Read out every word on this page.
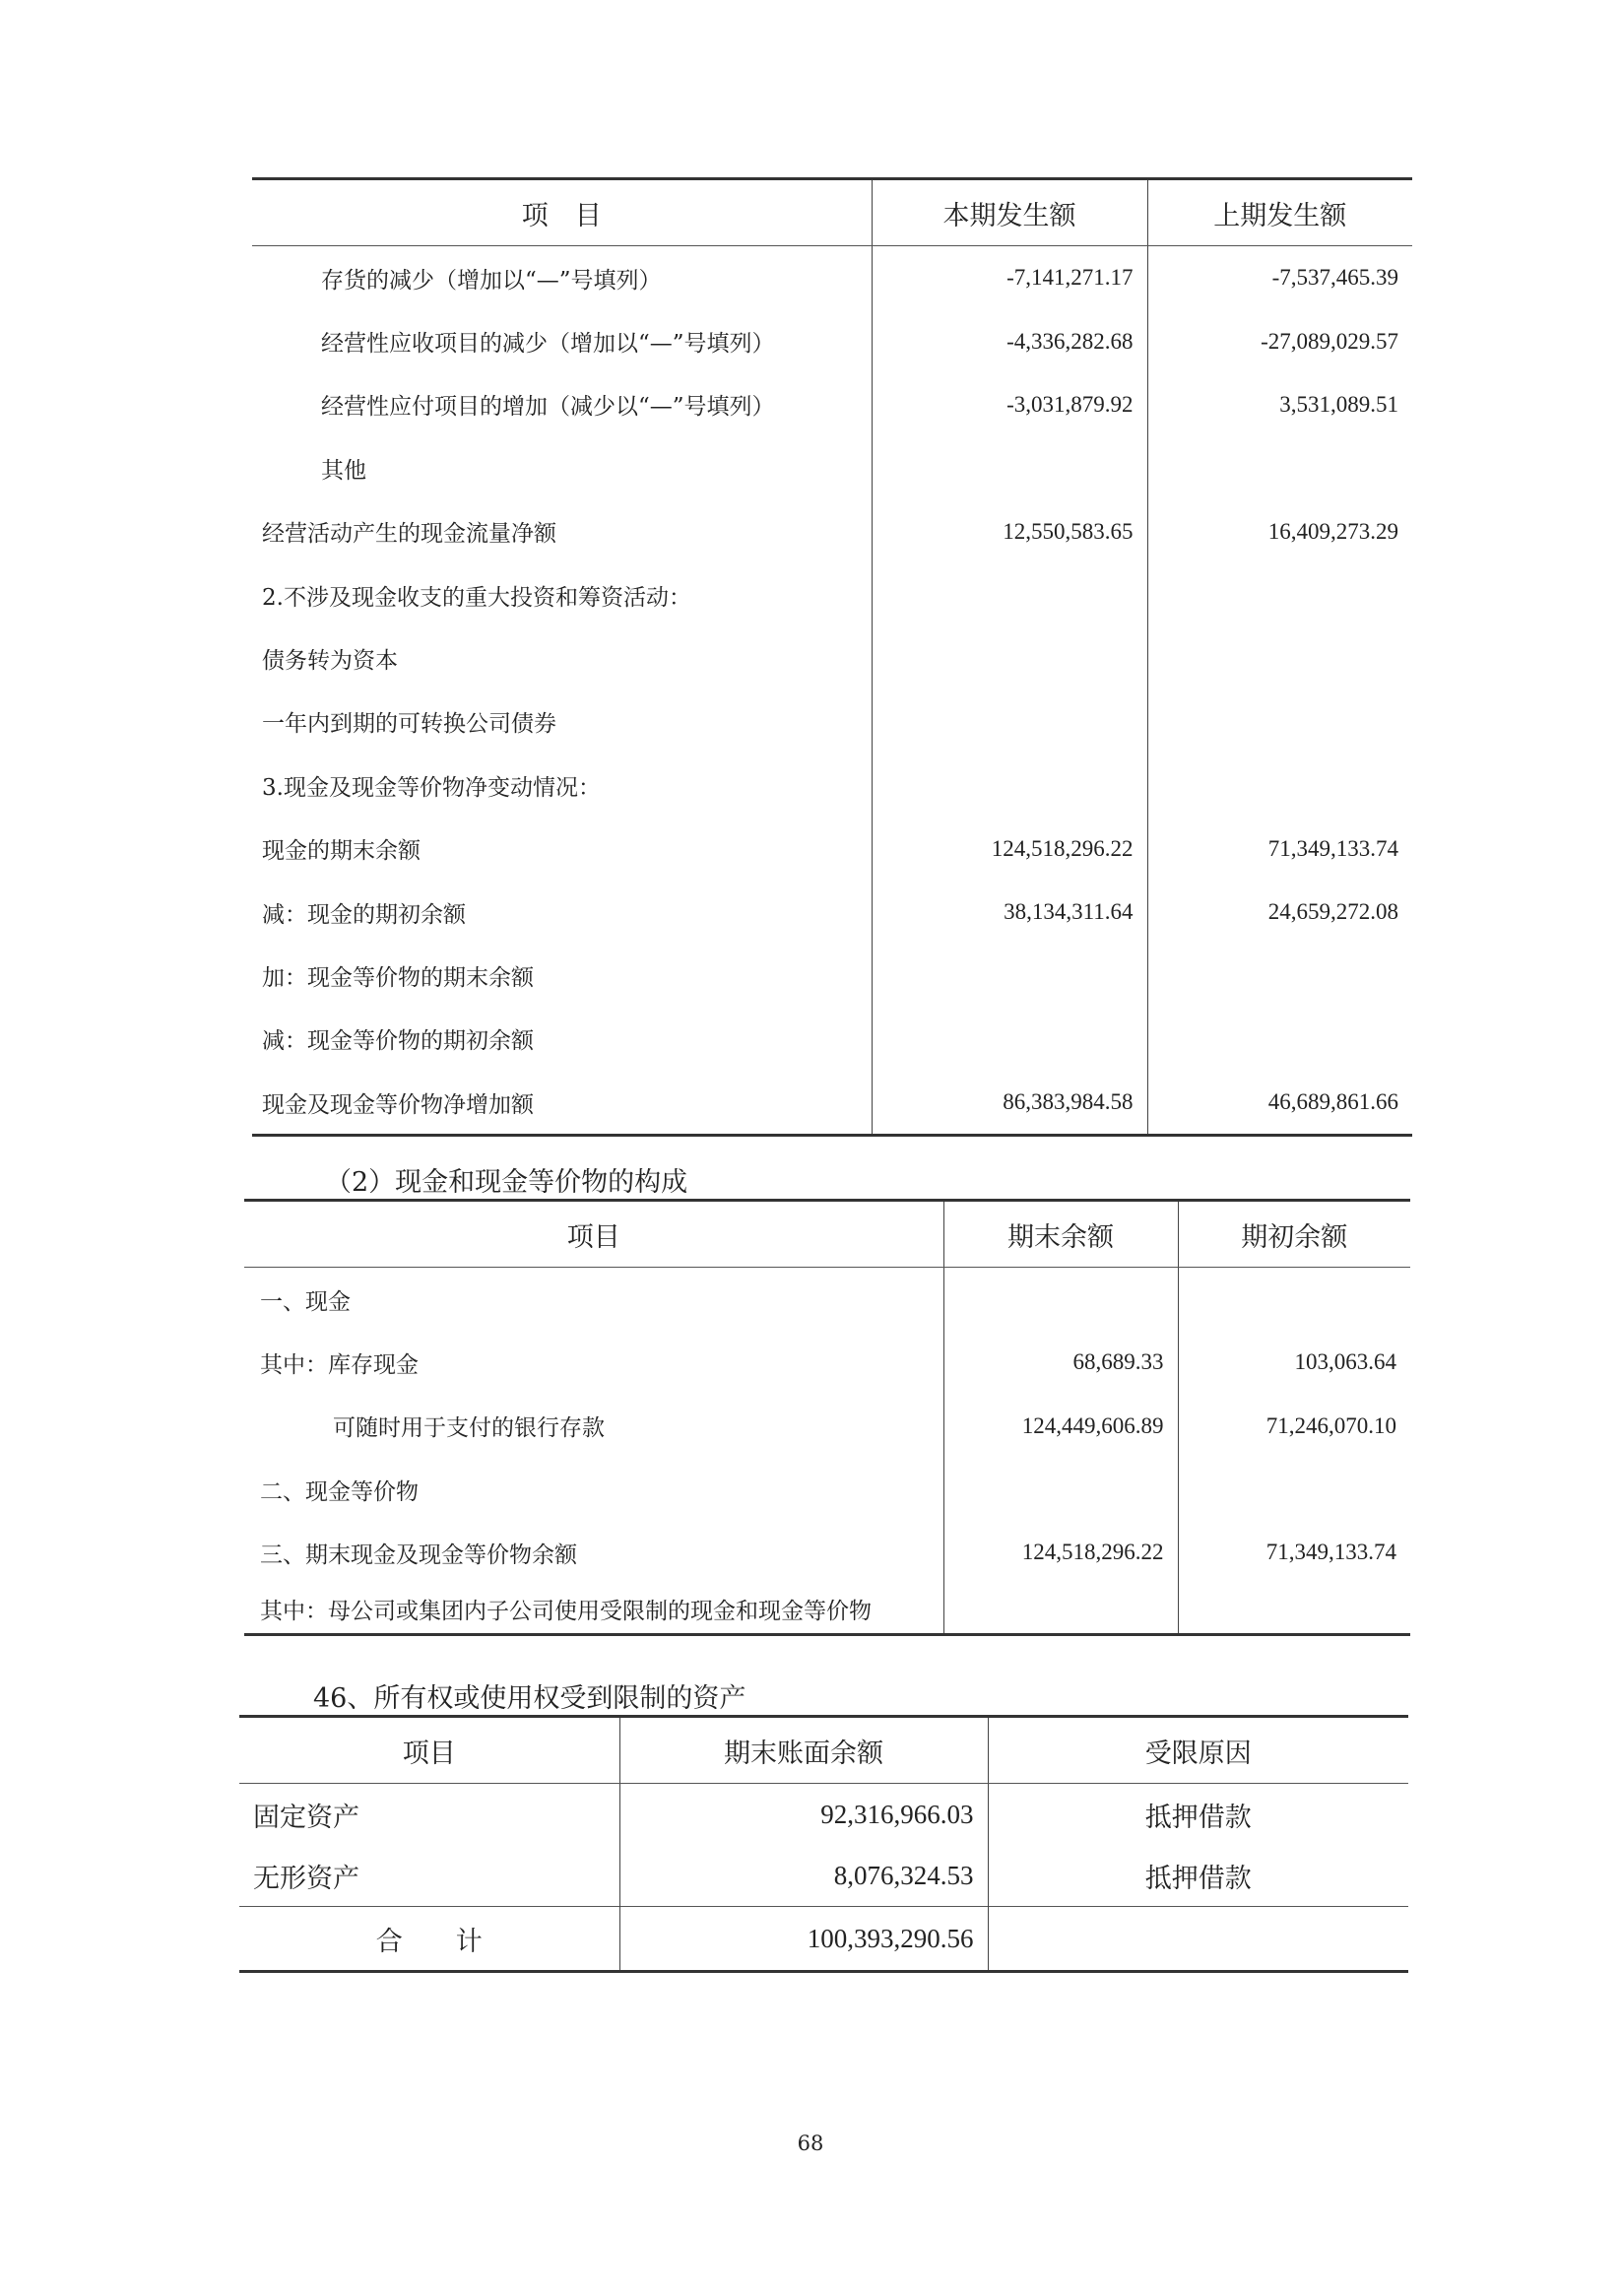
项　目	本期发生额	上期发生额
存货的减少（增加以“—”号填列）	-7,141,271.17	-7,537,465.39
经营性应收项目的减少（增加以“—”号填列）	-4,336,282.68	-27,089,029.57
经营性应付项目的增加（减少以“—”号填列）	-3,031,879.92	3,531,089.51
其他		
经营活动产生的现金流量净额	12,550,583.65	16,409,273.29
2.不涉及现金收支的重大投资和筹资活动：		
债务转为资本		
一年内到期的可转换公司债券		
3.现金及现金等价物净变动情况：		
现金的期末余额	124,518,296.22	71,349,133.74
减：现金的期初余额	38,134,311.64	24,659,272.08
加：现金等价物的期末余额		
减：现金等价物的期初余额		
现金及现金等价物净增加额	86,383,984.58	46,689,861.66
（2）现金和现金等价物的构成
项目	期末余额	期初余额
一、现金		
其中：库存现金	68,689.33	103,063.64
可随时用于支付的银行存款	124,449,606.89	71,246,070.10
二、现金等价物		
三、期末现金及现金等价物余额	124,518,296.22	71,349,133.74
其中：母公司或集团内子公司使用受限制的现金和现金等价物		
46、所有权或使用权受到限制的资产
项目	期末账面余额	受限原因
固定资产	92,316,966.03	抵押借款
无形资产	8,076,324.53	抵押借款
合　　计	100,393,290.56	
68
